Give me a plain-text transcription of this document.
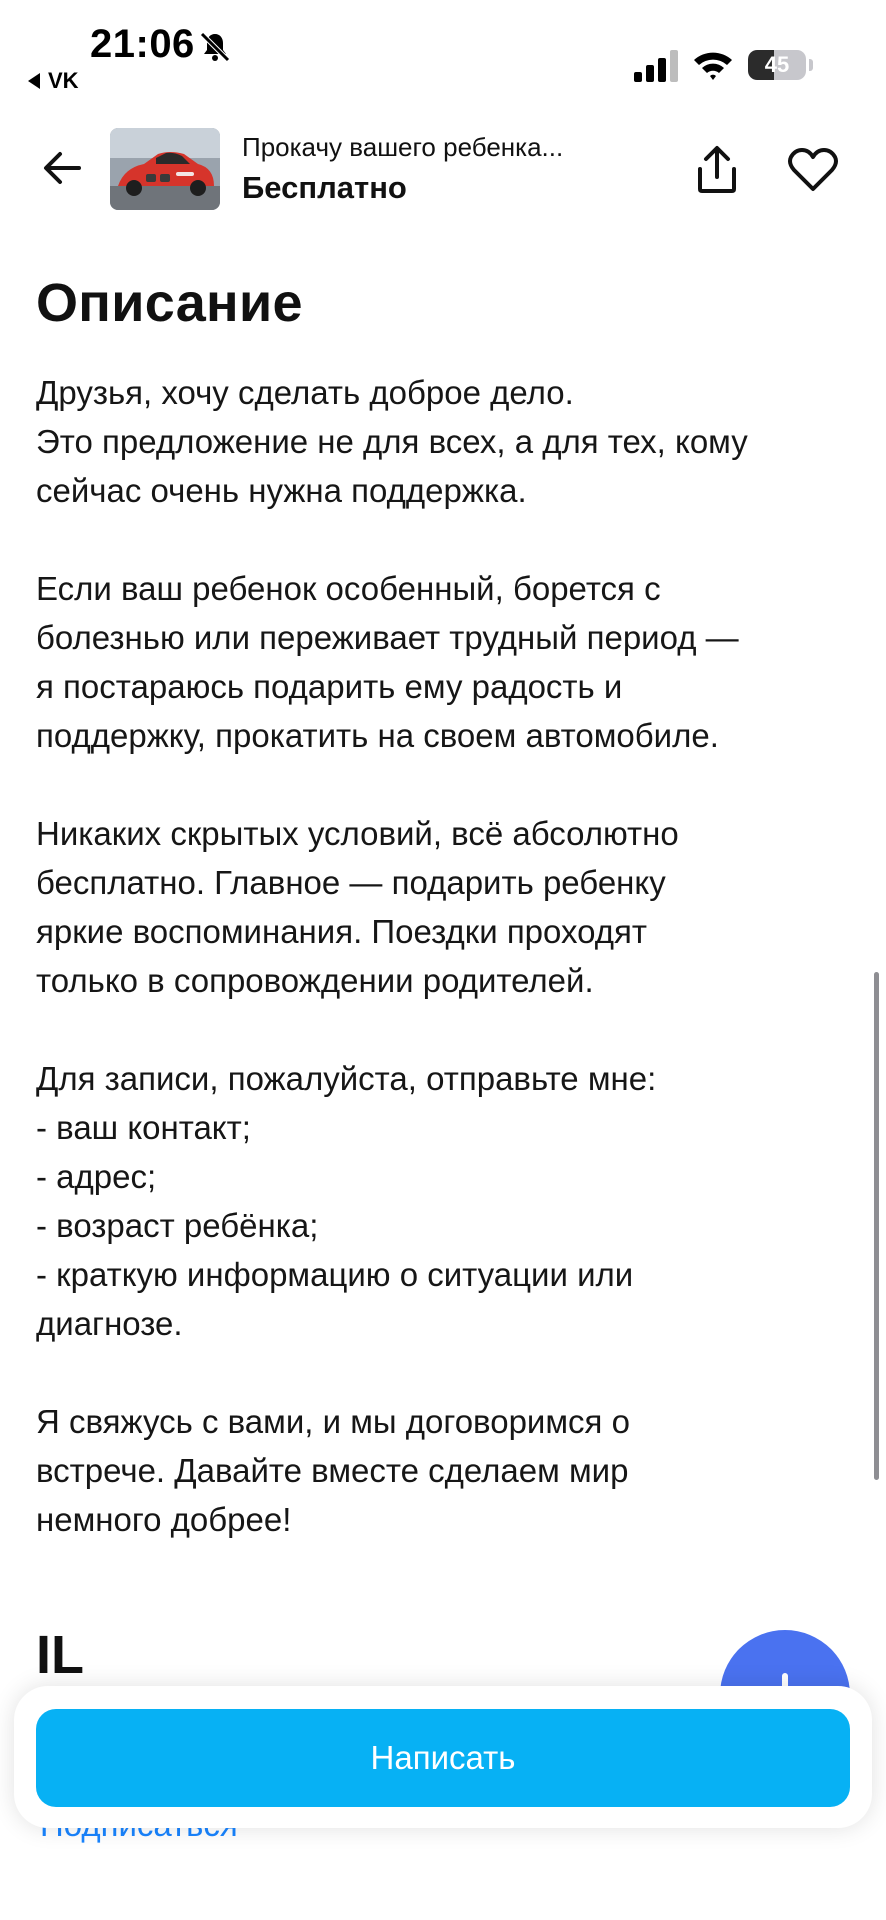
21:06
VK
45
Прокачу вашего ребенка...
Бесплатно
Описание
Друзья, хочу сделать доброе дело.
Это предложение не для всех, а для тех, кому
сейчас очень нужна поддержка.
Если ваш ребенок особенный, борется с
болезнью или переживает трудный период —
я постараюсь подарить ему радость и
поддержку, прокатить на своем автомобиле.
Никаких скрытых условий, всё абсолютно
бесплатно. Главное — подарить ребенку
яркие воспоминания. Поездки проходят
только в сопровождении родителей.
Для записи, пожалуйста, отправьте мне:
- ваш контакт;
- адрес;
- возраст ребёнка;
- краткую информацию о ситуации или
диагнозе.
Я свяжусь с вами, и мы договоримся о
встрече. Давайте вместе сделаем мир
немного добрее!
IL
Написать
